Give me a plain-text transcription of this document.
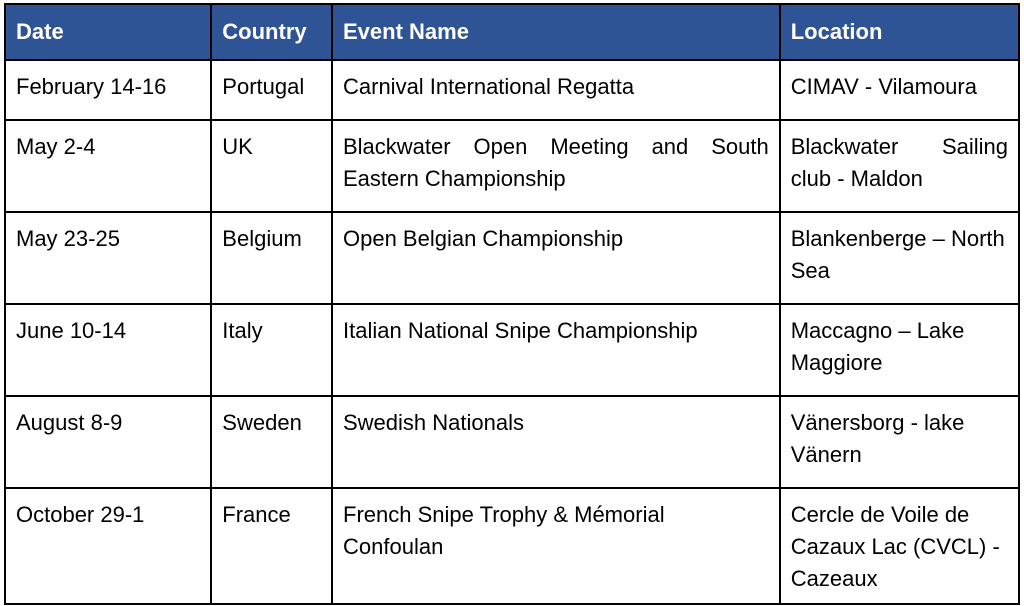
Date	Country	Event Name	Location
February 14-16	Portugal	Carnival International Regatta	CIMAV - Vilamoura
May 2-4	UK	Blackwater Open Meeting and South Eastern Championship	Blackwater Sailing club - Maldon
May 23-25	Belgium	Open Belgian Championship	Blankenberge – North Sea
June 10-14	Italy	Italian National Snipe Championship	Maccagno – Lake Maggiore
August 8-9	Sweden	Swedish Nationals	Vänersborg - lake Vänern
October 29-1	France	French Snipe Trophy & Mémorial Confoulan	Cercle de Voile de Cazaux Lac (CVCL) - Cazeaux
